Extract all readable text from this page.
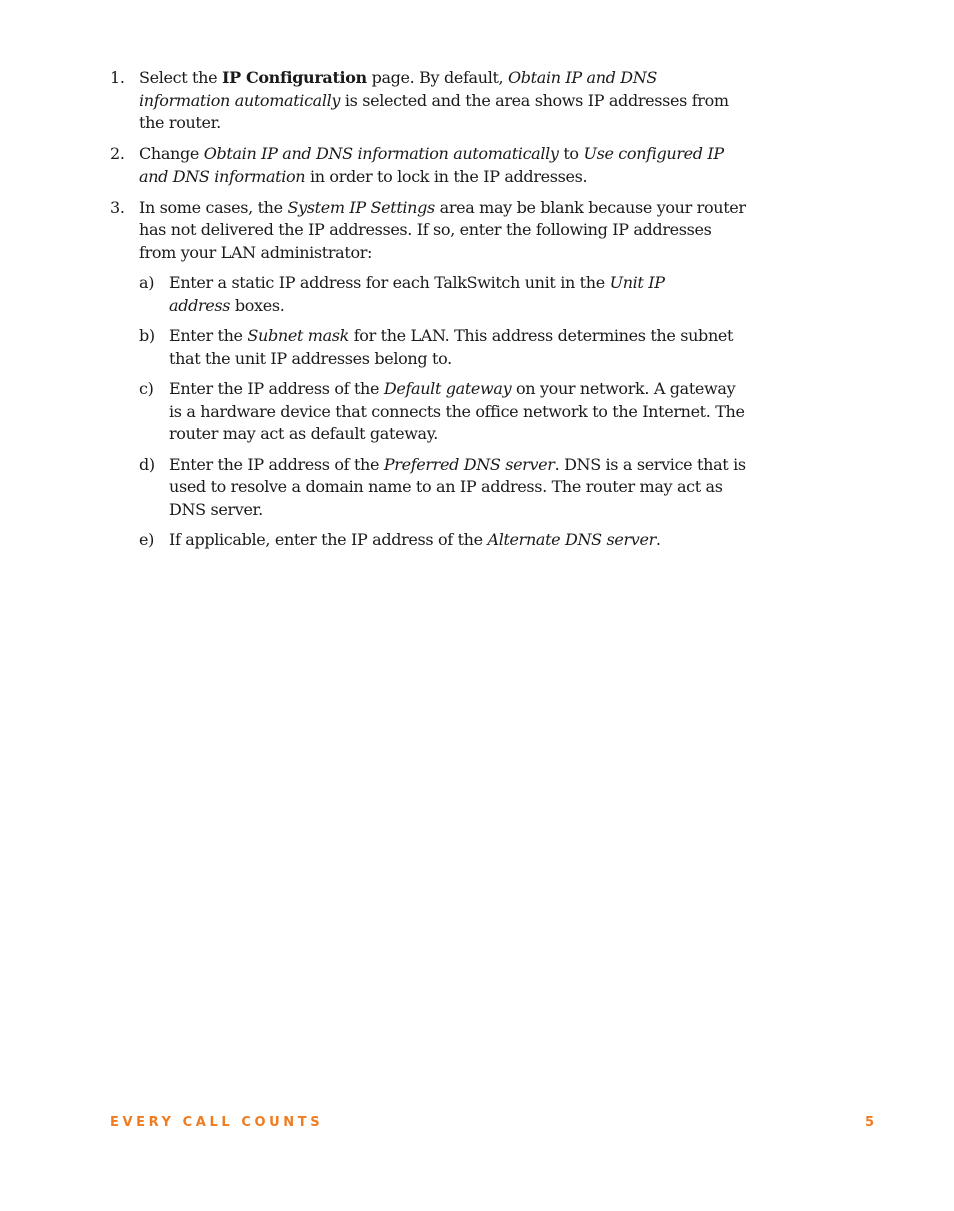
1. Select the IP Configuration page. By default, Obtain IP and DNS information automatically is selected and the area shows IP addresses from the router.
2. Change Obtain IP and DNS information automatically to Use configured IP and DNS information in order to lock in the IP addresses.
3. In some cases, the System IP Settings area may be blank because your router has not delivered the IP addresses. If so, enter the following IP addresses from your LAN administrator:
a) Enter a static IP address for each TalkSwitch unit in the Unit IP address boxes.
b) Enter the Subnet mask for the LAN. This address determines the subnet that the unit IP addresses belong to.
c) Enter the IP address of the Default gateway on your network. A gateway is a hardware device that connects the office network to the Internet. The router may act as default gateway.
d) Enter the IP address of the Preferred DNS server. DNS is a service that is used to resolve a domain name to an IP address. The router may act as DNS server.
e) If applicable, enter the IP address of the Alternate DNS server.
EVERY CALL COUNTS	5
